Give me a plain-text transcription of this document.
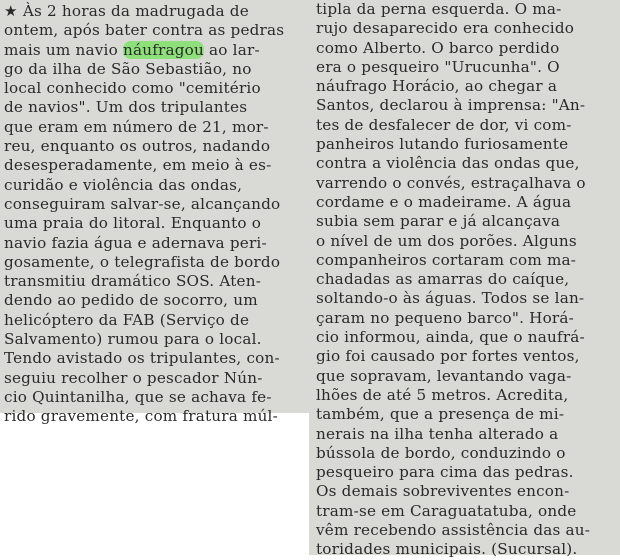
★ Às 2 horas da madrugada de
ontem, após bater contra as pedras
mais um navio náufragou ao lar-
go da ilha de São Sebastião, no
local conhecido como "cemitério
de navios". Um dos tripulantes
que eram em número de 21, mor-
reu, enquanto os outros, nadando
desesperadamente, em meio à es-
curidão e violência das ondas,
conseguiram salvar-se, alcançando
uma praia do litoral. Enquanto o
navio fazia água e adernava peri-
gosamente, o telegrafista de bordo
transmitiu dramático SOS. Aten-
dendo ao pedido de socorro, um
helicóptero da FAB (Serviço de
Salvamento) rumou para o local.
Tendo avistado os tripulantes, con-
seguiu recolher o pescador Nún-
cio Quintanilha, que se achava fe-
rido gravemente, com fratura múl-
tipla da perna esquerda. O ma-
rujo desaparecido era conhecido
como Alberto. O barco perdido
era o pesqueiro "Urucunha". O
náufrago Horácio, ao chegar a
Santos, declarou à imprensa: "An-
tes de desfalecer de dor, vi com-
panheiros lutando furiosamente
contra a violência das ondas que,
varrendo o convés, estraçalhava o
cordame e o madeirame. A água
subia sem parar e já alcançava
o nível de um dos porões. Alguns
companheiros cortaram com ma-
chadadas as amarras do caíque,
soltando-o às águas. Todos se lan-
çaram no pequeno barco". Horá-
cio informou, ainda, que o naufrá-
gio foi causado por fortes ventos,
que sopravam, levantando vaga-
lhões de até 5 metros. Acredita,
também, que a presença de mi-
nerais na ilha tenha alterado a
bússola de bordo, conduzindo o
pesqueiro para cima das pedras.
Os demais sobreviventes encon-
tram-se em Caraguatatuba, onde
vêm recebendo assistência das au-
toridades municipais. (Sucursal).
